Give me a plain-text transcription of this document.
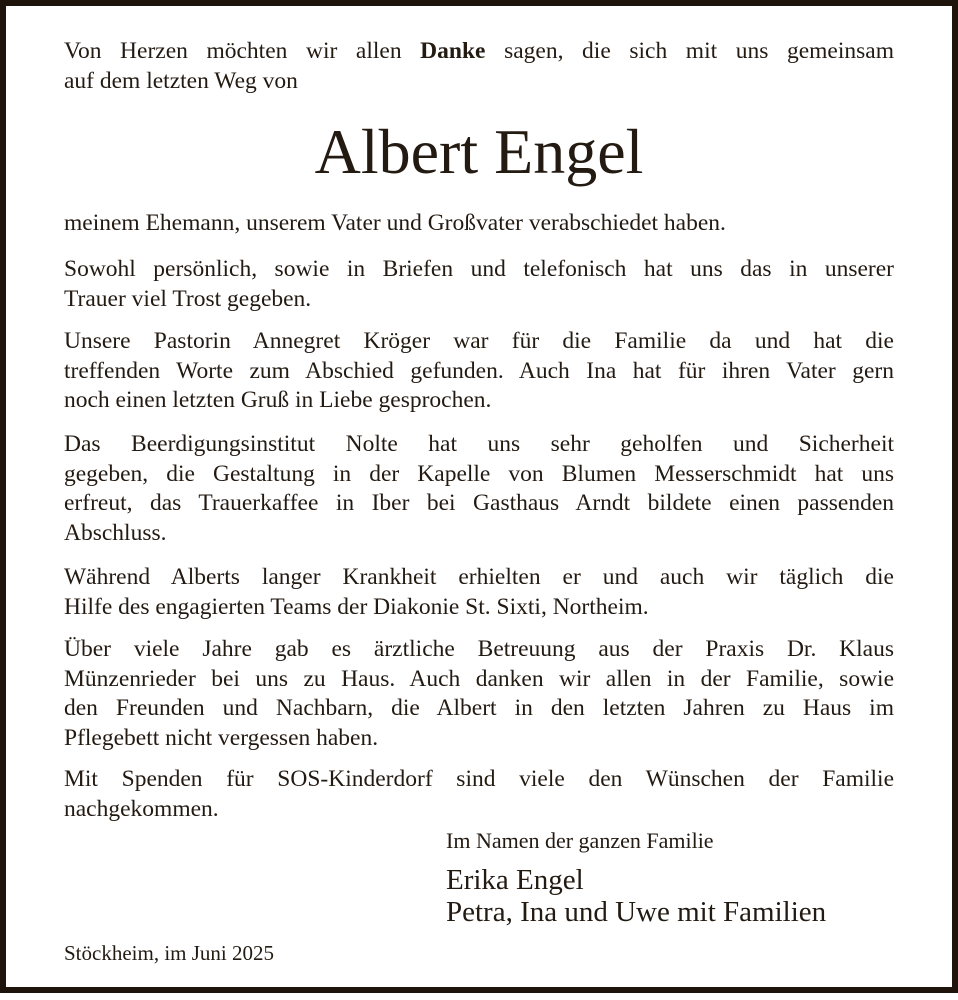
Von Herzen möchten wir allen Danke sagen, die sich mit uns gemeinsam
auf dem letzten Weg von
Albert Engel
meinem Ehemann, unserem Vater und Großvater verabschiedet haben.
Sowohl persönlich, sowie in Briefen und telefonisch hat uns das in unserer
Trauer viel Trost gegeben.
Unsere Pastorin Annegret Kröger war für die Familie da und hat die
treffenden Worte zum Abschied gefunden. Auch Ina hat für ihren Vater gern
noch einen letzten Gruß in Liebe gesprochen.
Das Beerdigungsinstitut Nolte hat uns sehr geholfen und Sicherheit
gegeben, die Gestaltung in der Kapelle von Blumen Messerschmidt hat uns
erfreut, das Trauerkaffee in Iber bei Gasthaus Arndt bildete einen passenden
Abschluss.
Während Alberts langer Krankheit erhielten er und auch wir täglich die
Hilfe des engagierten Teams der Diakonie St. Sixti, Northeim.
Über viele Jahre gab es ärztliche Betreuung aus der Praxis Dr. Klaus
Münzenrieder bei uns zu Haus. Auch danken wir allen in der Familie, sowie
den Freunden und Nachbarn, die Albert in den letzten Jahren zu Haus im
Pflegebett nicht vergessen haben.
Mit Spenden für SOS-Kinderdorf sind viele den Wünschen der Familie
nachgekommen.
Im Namen der ganzen Familie
Erika Engel
Petra, Ina und Uwe mit Familien
Stöckheim, im Juni 2025
